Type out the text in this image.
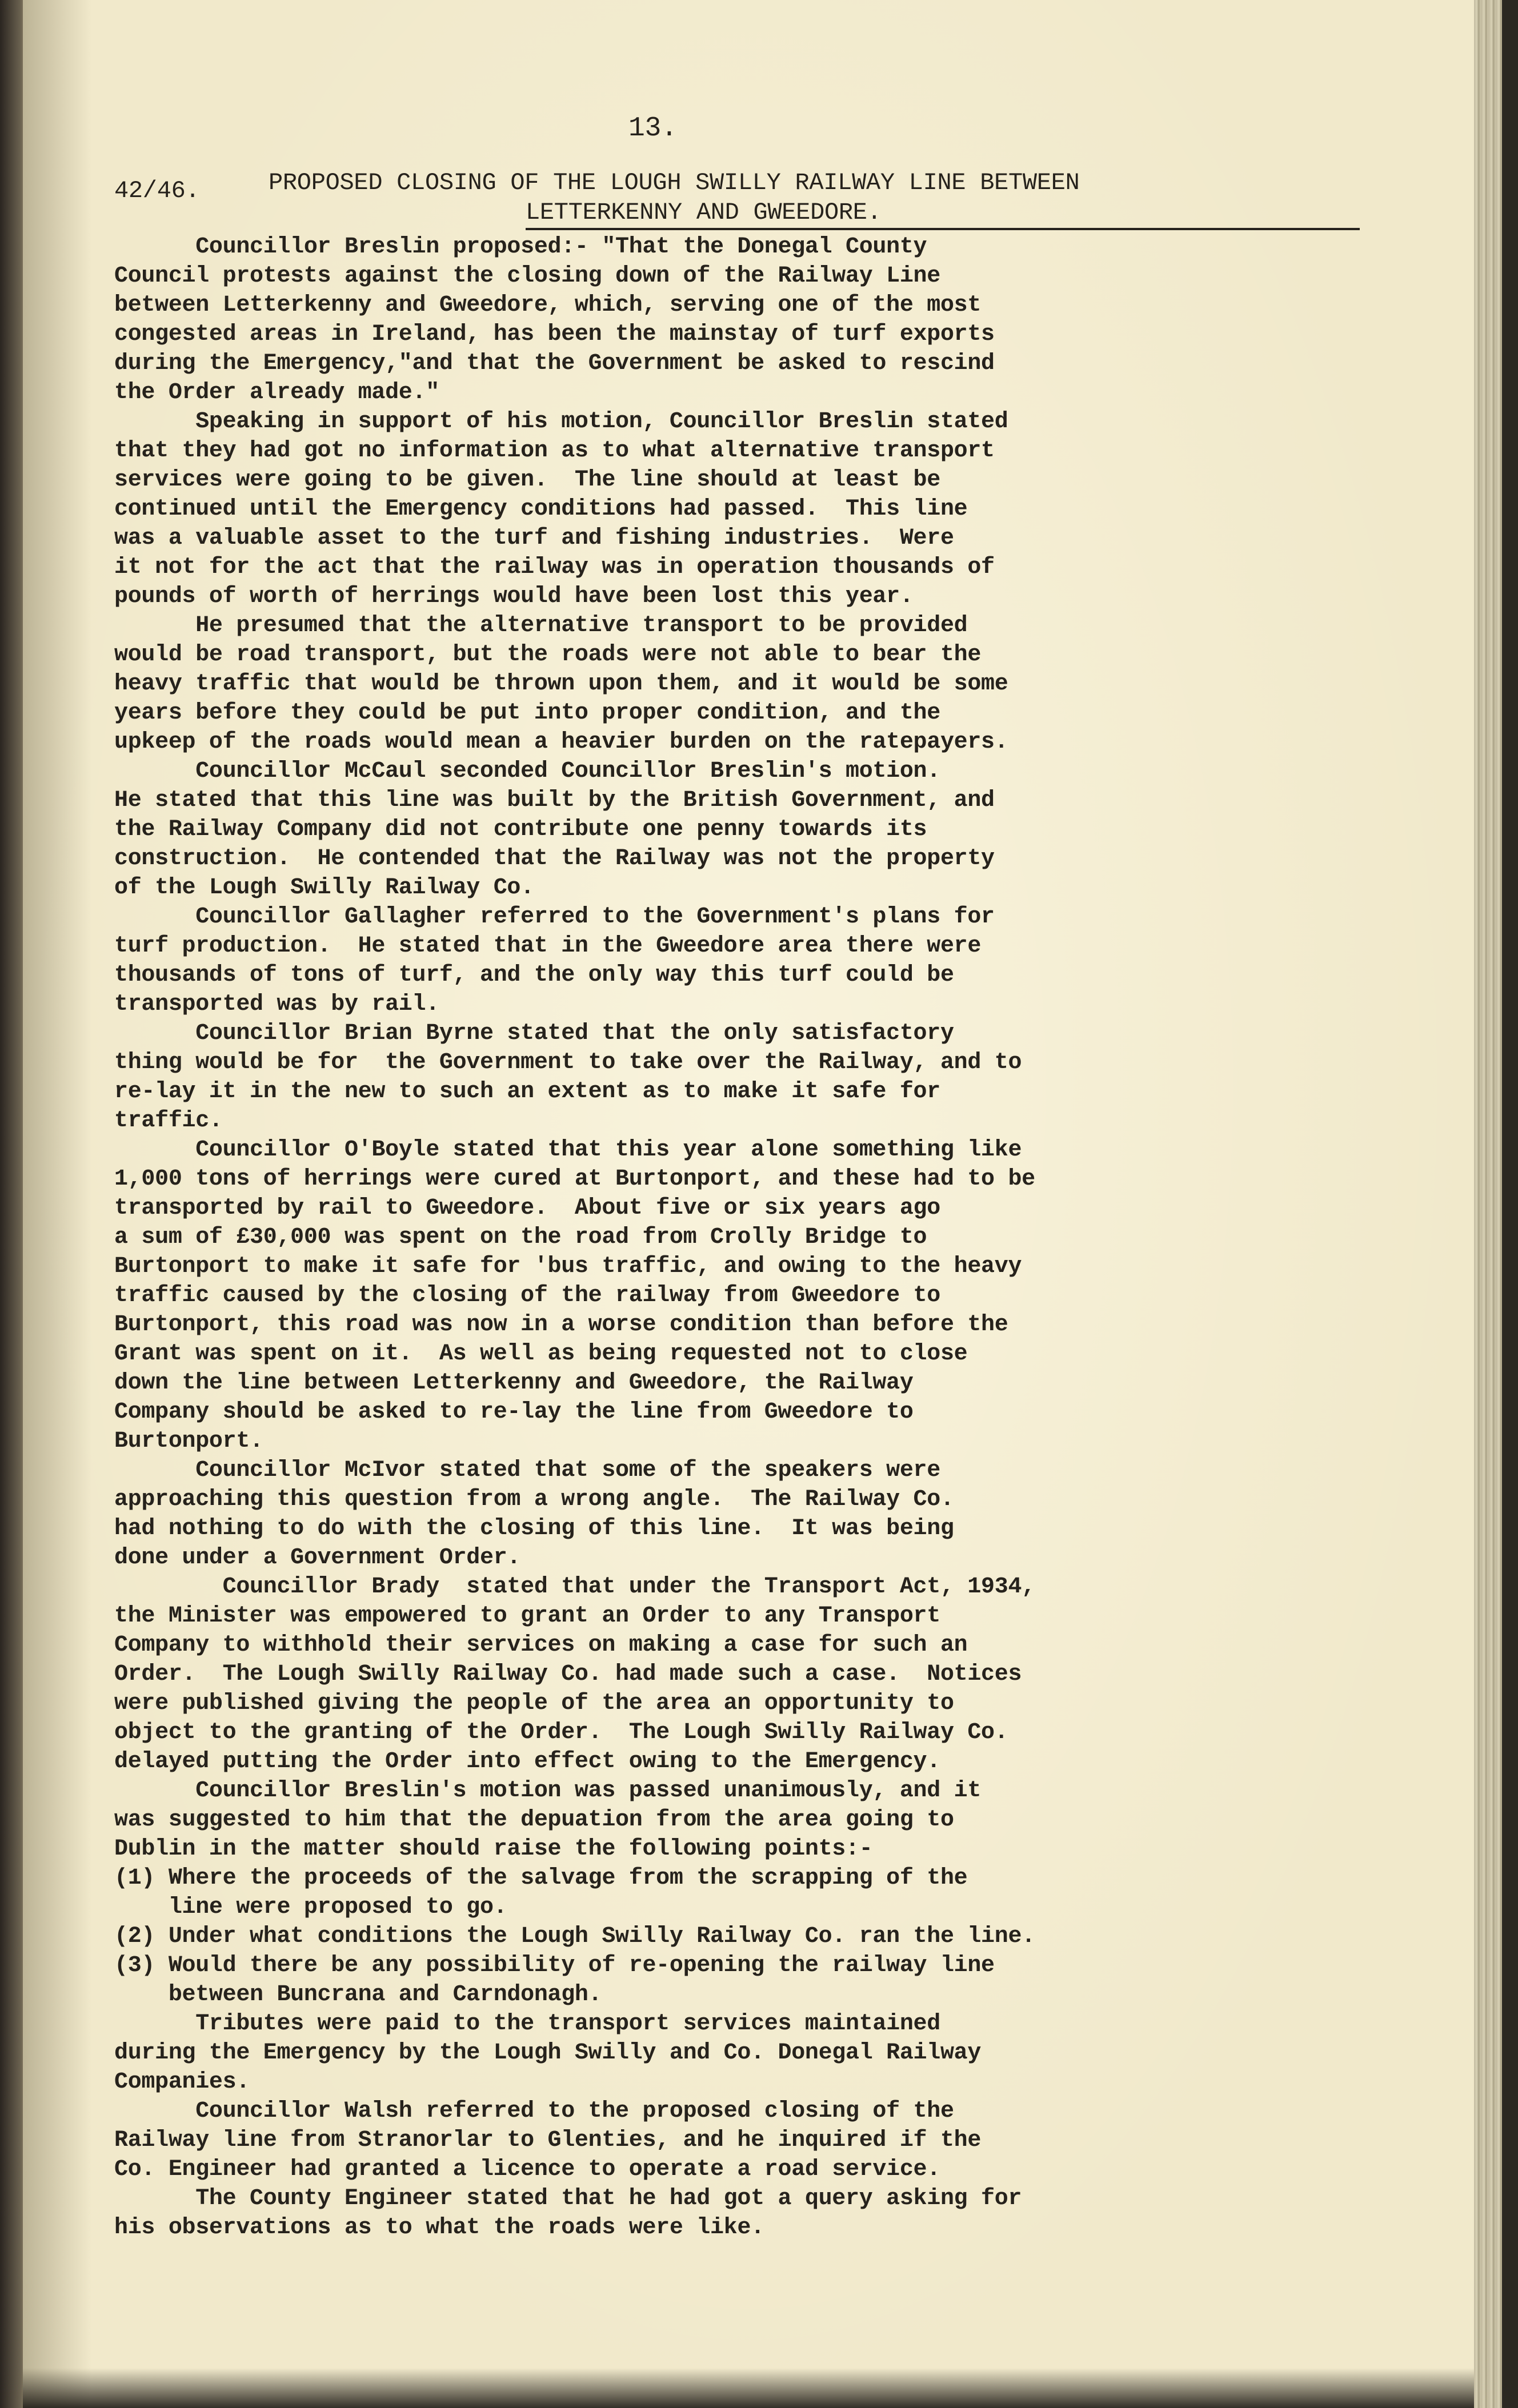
13.
42/46.	PROPOSED CLOSING OF THE LOUGH SWILLY RAILWAY LINE BETWEEN
LETTERKENNY AND GWEEDORE.
Councillor Breslin proposed:- "That the Donegal County
Council protests against the closing down of the Railway Line
between Letterkenny and Gweedore, which, serving one of the most
congested areas in Ireland, has been the mainstay of turf exports
during the Emergency,"and that the Government be asked to rescind
the Order already made."
Speaking in support of his motion, Councillor Breslin stated
that they had got no information as to what alternative transport
services were going to be given.  The line should at least be
continued until the Emergency conditions had passed.  This line
was a valuable asset to the turf and fishing industries.  Were
it not for the act that the railway was in operation thousands of
pounds of worth of herrings would have been lost this year.
He presumed that the alternative transport to be provided
would be road transport, but the roads were not able to bear the
heavy traffic that would be thrown upon them, and it would be some
years before they could be put into proper condition, and the
upkeep of the roads would mean a heavier burden on the ratepayers.
Councillor McCaul seconded Councillor Breslin's motion.
He stated that this line was built by the British Government, and
the Railway Company did not contribute one penny towards its
construction.  He contended that the Railway was not the property
of the Lough Swilly Railway Co.
Councillor Gallagher referred to the Government's plans for
turf production.  He stated that in the Gweedore area there were
thousands of tons of turf, and the only way this turf could be
transported was by rail.
Councillor Brian Byrne stated that the only satisfactory
thing would be for  the Government to take over the Railway, and to
re-lay it in the new to such an extent as to make it safe for
traffic.
Councillor O'Boyle stated that this year alone something like
1,000 tons of herrings were cured at Burtonport, and these had to be
transported by rail to Gweedore.  About five or six years ago
a sum of £30,000 was spent on the road from Crolly Bridge to
Burtonport to make it safe for 'bus traffic, and owing to the heavy
traffic caused by the closing of the railway from Gweedore to
Burtonport, this road was now in a worse condition than before the
Grant was spent on it.  As well as being requested not to close
down the line between Letterkenny and Gweedore, the Railway
Company should be asked to re-lay the line from Gweedore to
Burtonport.
Councillor McIvor stated that some of the speakers were
approaching this question from a wrong angle.  The Railway Co.
had nothing to do with the closing of this line.  It was being
done under a Government Order.
Councillor Brady  stated that under the Transport Act, 1934,
the Minister was empowered to grant an Order to any Transport
Company to withhold their services on making a case for such an
Order.  The Lough Swilly Railway Co. had made such a case.  Notices
were published giving the people of the area an opportunity to
object to the granting of the Order.  The Lough Swilly Railway Co.
delayed putting the Order into effect owing to the Emergency.
Councillor Breslin's motion was passed unanimously, and it
was suggested to him that the depuation from the area going to
Dublin in the matter should raise the following points:-
(1) Where the proceeds of the salvage from the scrapping of the
line were proposed to go.
(2) Under what conditions the Lough Swilly Railway Co. ran the line.
(3) Would there be any possibility of re-opening the railway line
between Buncrana and Carndonagh.
Tributes were paid to the transport services maintained
during the Emergency by the Lough Swilly and Co. Donegal Railway
Companies.
Councillor Walsh referred to the proposed closing of the
Railway line from Stranorlar to Glenties, and he inquired if the
Co. Engineer had granted a licence to operate a road service.
The County Engineer stated that he had got a query asking for
his observations as to what the roads were like.
